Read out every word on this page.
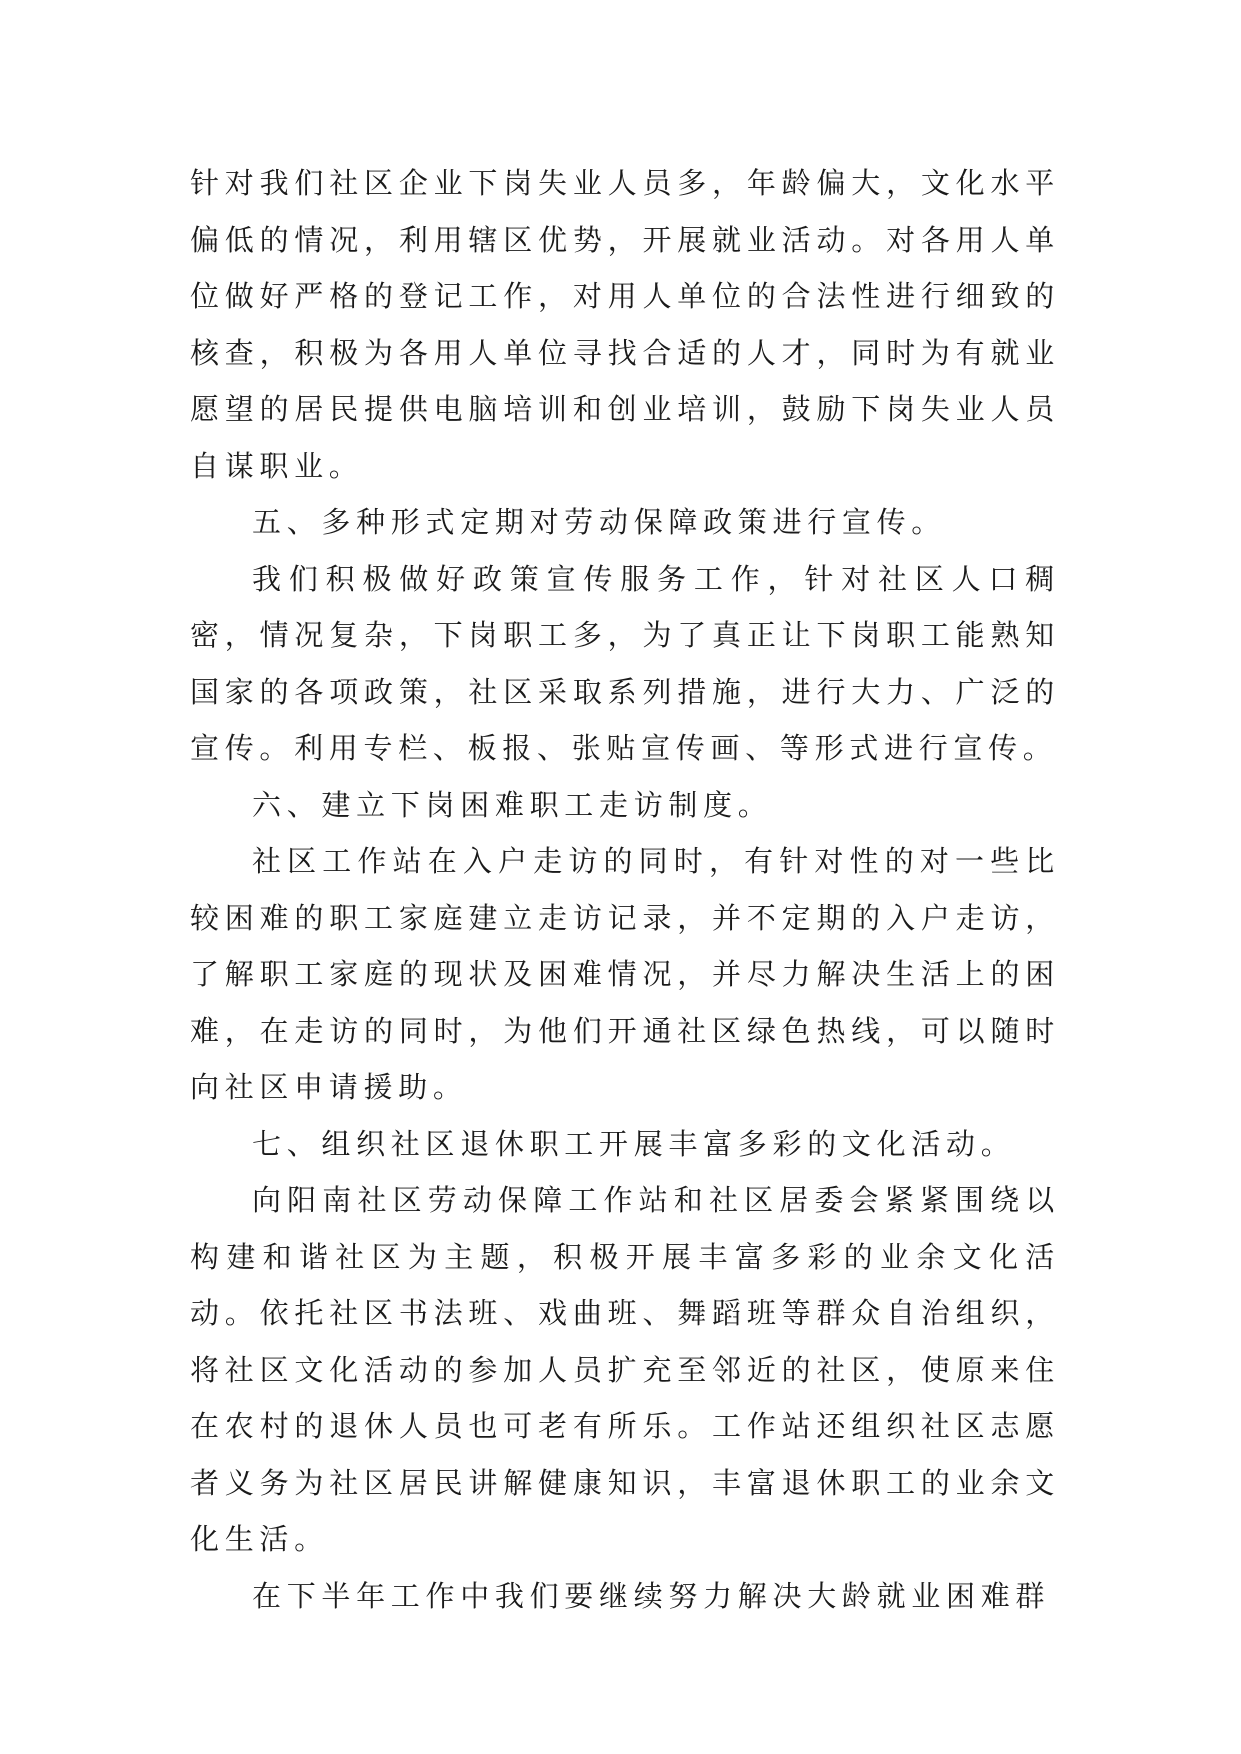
针对我们社区企业下岗失业人员多，年龄偏大，文化水平偏低的情况，利用辖区优势，开展就业活动。对各用人单位做好严格的登记工作，对用人单位的合法性进行细致的核查，积极为各用人单位寻找合适的人才，同时为有就业愿望的居民提供电脑培训和创业培训，鼓励下岗失业人员自谋职业。

五、多种形式定期对劳动保障政策进行宣传。

我们积极做好政策宣传服务工作，针对社区人口稠密，情况复杂，下岗职工多，为了真正让下岗职工能熟知国家的各项政策，社区采取系列措施，进行大力、广泛的宣传。利用专栏、板报、张贴宣传画、等形式进行宣传。

六、建立下岗困难职工走访制度。

社区工作站在入户走访的同时，有针对性的对一些比较困难的职工家庭建立走访记录，并不定期的入户走访，了解职工家庭的现状及困难情况，并尽力解决生活上的困难，在走访的同时，为他们开通社区绿色热线，可以随时向社区申请援助。

七、组织社区退休职工开展丰富多彩的文化活动。

向阳南社区劳动保障工作站和社区居委会紧紧围绕以构建和谐社区为主题，积极开展丰富多彩的业余文化活动。依托社区书法班、戏曲班、舞蹈班等群众自治组织，将社区文化活动的参加人员扩充至邻近的社区，使原来住在农村的退休人员也可老有所乐。工作站还组织社区志愿者义务为社区居民讲解健康知识，丰富退休职工的业余文化生活。

在下半年工作中我们要继续努力解决大龄就业困难群
